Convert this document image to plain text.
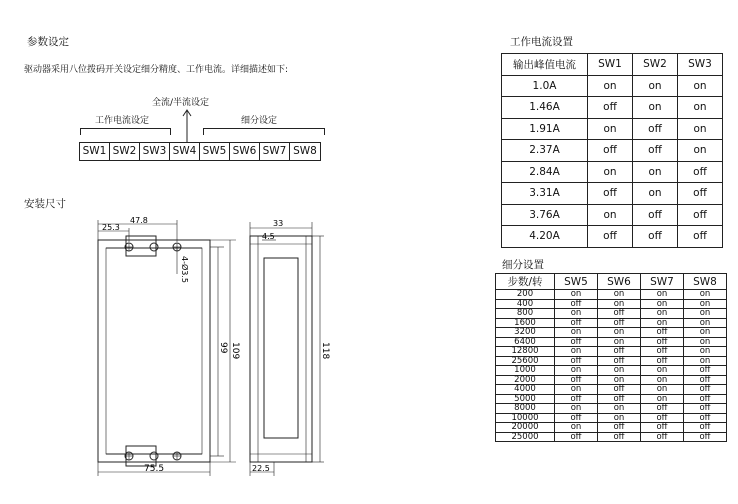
参数设定
驱动器采用八位拨码开关设定细分精度、工作电流。详细描述如下:
全流/半流设定
工作电流设定	细分设定
SW1 SW2 SW3 SW4 SW5 SW6 SW7 SW8
安装尺寸
47.8
25.3
4-Ø3.5
99 109
75.5
33
4.5
118
22.5
工作电流设置
输出峰值电流	SW1	SW2	SW3
1.0A	on	on	on
1.46A	off	on	on
1.91A	on	off	on
2.37A	off	off	on
2.84A	on	on	off
3.31A	off	on	off
3.76A	on	off	off
4.20A	off	off	off
细分设置
步数/转	SW5	SW6	SW7	SW8
200	on	on	on	on
400	off	on	on	on
800	on	off	on	on
1600	off	off	on	on
3200	on	on	off	on
6400	off	on	off	on
12800	on	off	off	on
25600	off	off	off	on
1000	on	on	on	off
2000	off	on	on	off
4000	on	off	on	off
5000	off	off	on	off
8000	on	on	off	off
10000	off	on	off	off
20000	on	off	off	off
25000	off	off	off	off
